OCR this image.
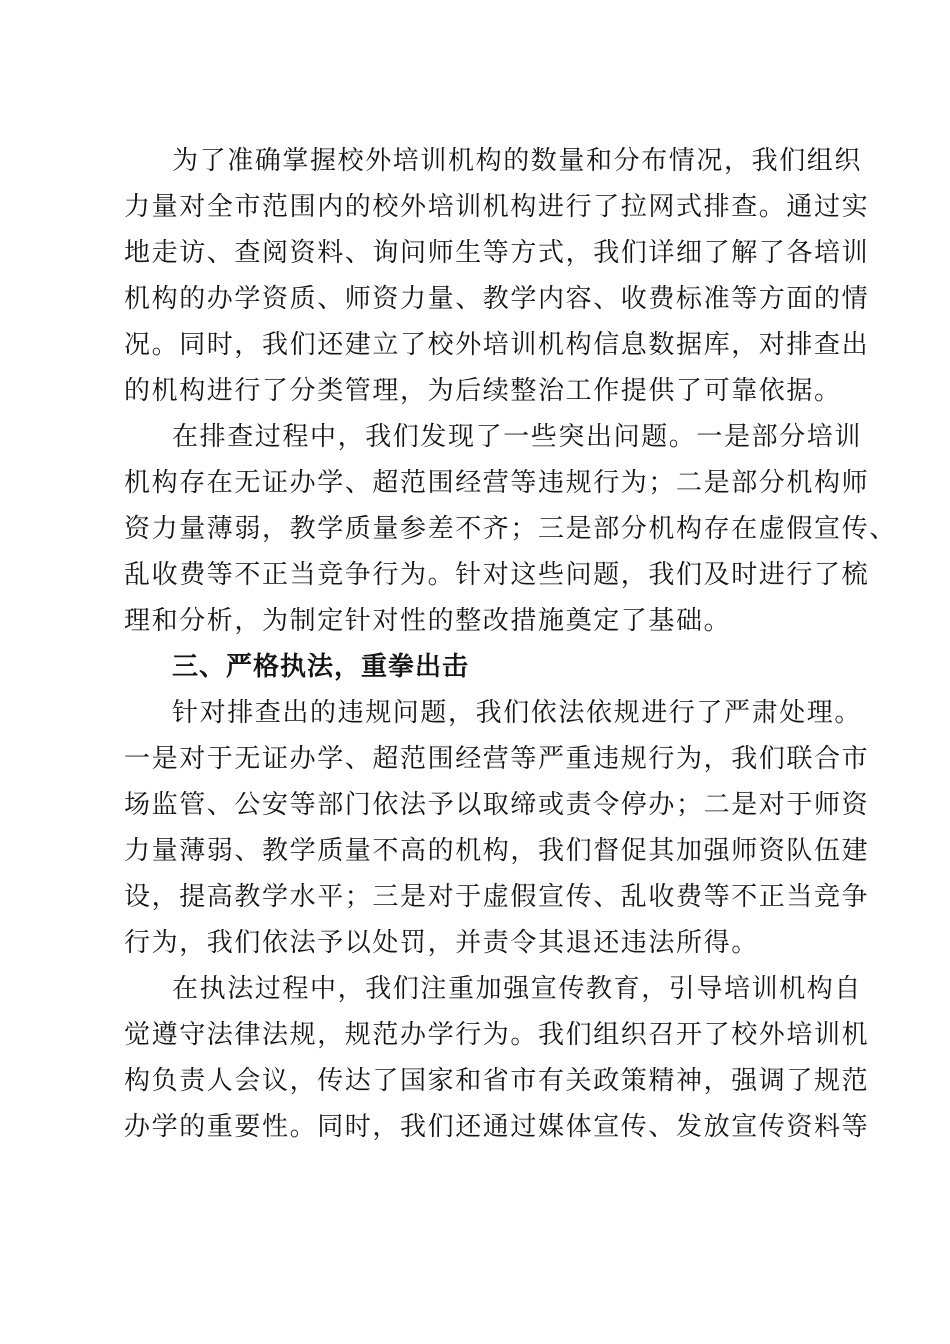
为了准确掌握校外培训机构的数量和分布情况，我们组织
力量对全市范围内的校外培训机构进行了拉网式排查。通过实
地走访、查阅资料、询问师生等方式，我们详细了解了各培训
机构的办学资质、师资力量、教学内容、收费标准等方面的情
况。同时，我们还建立了校外培训机构信息数据库，对排查出
的机构进行了分类管理，为后续整治工作提供了可靠依据。
在排查过程中，我们发现了一些突出问题。一是部分培训
机构存在无证办学、超范围经营等违规行为；二是部分机构师
资力量薄弱，教学质量参差不齐；三是部分机构存在虚假宣传、
乱收费等不正当竞争行为。针对这些问题，我们及时进行了梳
理和分析，为制定针对性的整改措施奠定了基础。
三、严格执法，重拳出击
针对排查出的违规问题，我们依法依规进行了严肃处理。
一是对于无证办学、超范围经营等严重违规行为，我们联合市
场监管、公安等部门依法予以取缔或责令停办；二是对于师资
力量薄弱、教学质量不高的机构，我们督促其加强师资队伍建
设，提高教学水平；三是对于虚假宣传、乱收费等不正当竞争
行为，我们依法予以处罚，并责令其退还违法所得。
在执法过程中，我们注重加强宣传教育，引导培训机构自
觉遵守法律法规，规范办学行为。我们组织召开了校外培训机
构负责人会议，传达了国家和省市有关政策精神，强调了规范
办学的重要性。同时，我们还通过媒体宣传、发放宣传资料等
